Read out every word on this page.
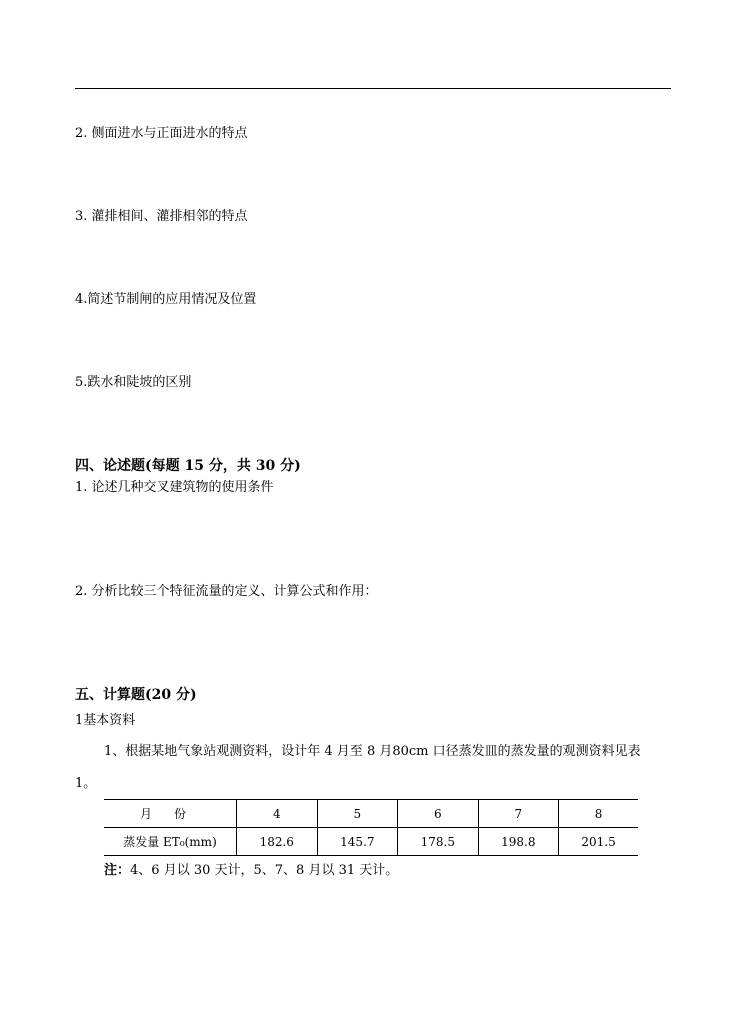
2. 侧面进水与正面进水的特点
3. 灌排相间、灌排相邻的特点
4.简述节制闸的应用情况及位置
5.跌水和陡坡的区别
四、论述题(每题 15 分，共 30 分)
1. 论述几种交叉建筑物的使用条件
2. 分析比较三个特征流量的定义、计算公式和作用：
五、计算题(20 分)
1基本资料
1、根据某地气象站观测资料，设计年 4 月至 8 月80cm 口径蒸发皿的蒸发量的观测资料见表
1。
月份	4	5	6	7	8
蒸发量 ET₀(mm)	182.6	145.7	178.5	198.8	201.5
注：4、6 月以 30 天计，5、7、8 月以 31 天计。
